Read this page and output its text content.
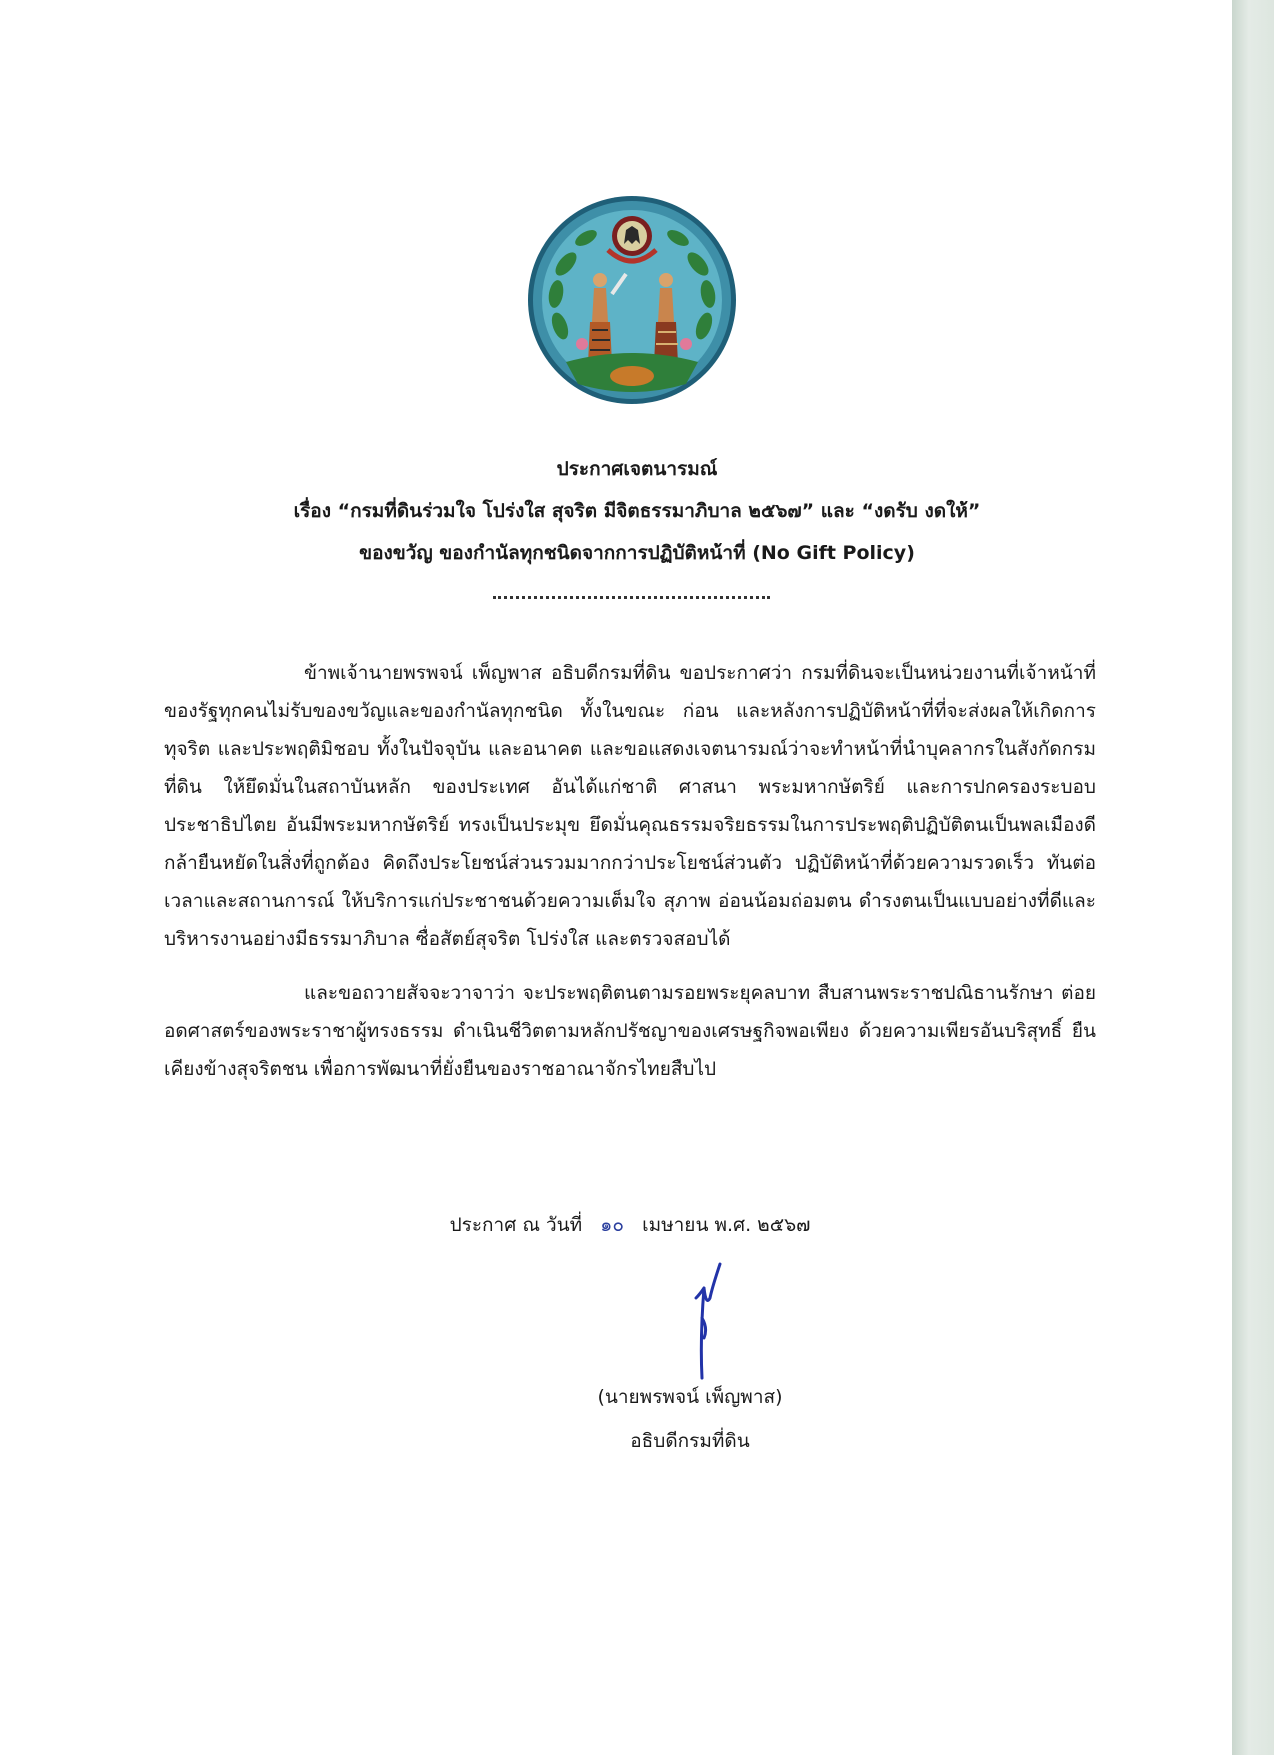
ประกาศเจตนารมณ์
เรื่อง “กรมที่ดินร่วมใจ โปร่งใส สุจริต มีจิตธรรมาภิบาล ๒๕๖๗” และ “งดรับ งดให้”
ของขวัญ ของกำนัลทุกชนิดจากการปฏิบัติหน้าที่ (No Gift Policy)

ข้าพเจ้านายพรพจน์ เพ็ญพาส อธิบดีกรมที่ดิน ขอประกาศว่า กรมที่ดินจะเป็นหน่วยงานที่เจ้าหน้าที่ของรัฐทุกคนไม่รับของขวัญและของกำนัลทุกชนิด ทั้งในขณะ ก่อน และหลังการปฏิบัติหน้าที่ที่จะส่งผลให้เกิดการทุจริต และประพฤติมิชอบ ทั้งในปัจจุบัน และอนาคต และขอแสดงเจตนารมณ์ว่าจะทำหน้าที่นำบุคลากรในสังกัดกรมที่ดิน ให้ยึดมั่นในสถาบันหลัก ของประเทศ อันได้แก่ชาติ ศาสนา พระมหากษัตริย์ และการปกครองระบอบประชาธิปไตย อันมีพระมหากษัตริย์ ทรงเป็นประมุข ยึดมั่นคุณธรรมจริยธรรมในการประพฤติปฏิบัติตนเป็นพลเมืองดี กล้ายืนหยัดในสิ่งที่ถูกต้อง คิดถึงประโยชน์ส่วนรวมมากกว่าประโยชน์ส่วนตัว ปฏิบัติหน้าที่ด้วยความรวดเร็ว ทันต่อเวลาและสถานการณ์ ให้บริการแก่ประชาชนด้วยความเต็มใจ สุภาพ อ่อนน้อมถ่อมตน ดำรงตนเป็นแบบอย่างที่ดีและบริหารงานอย่างมีธรรมาภิบาล ซื่อสัตย์สุจริต โปร่งใส และตรวจสอบได้

และขอถวายสัจจะวาจาว่า จะประพฤติตนตามรอยพระยุคลบาท สืบสานพระราชปณิธานรักษา ต่อยอดศาสตร์ของพระราชาผู้ทรงธรรม ดำเนินชีวิตตามหลักปรัชญาของเศรษฐกิจพอเพียง ด้วยความเพียรอันบริสุทธิ์ ยืนเคียงข้างสุจริตชน เพื่อการพัฒนาที่ยั่งยืนของราชอาณาจักรไทยสืบไป

ประกาศ ณ วันที่ ๑๐ เมษายน พ.ศ. ๒๕๖๗
(นายพรพจน์ เพ็ญพาส)
อธิบดีกรมที่ดิน
